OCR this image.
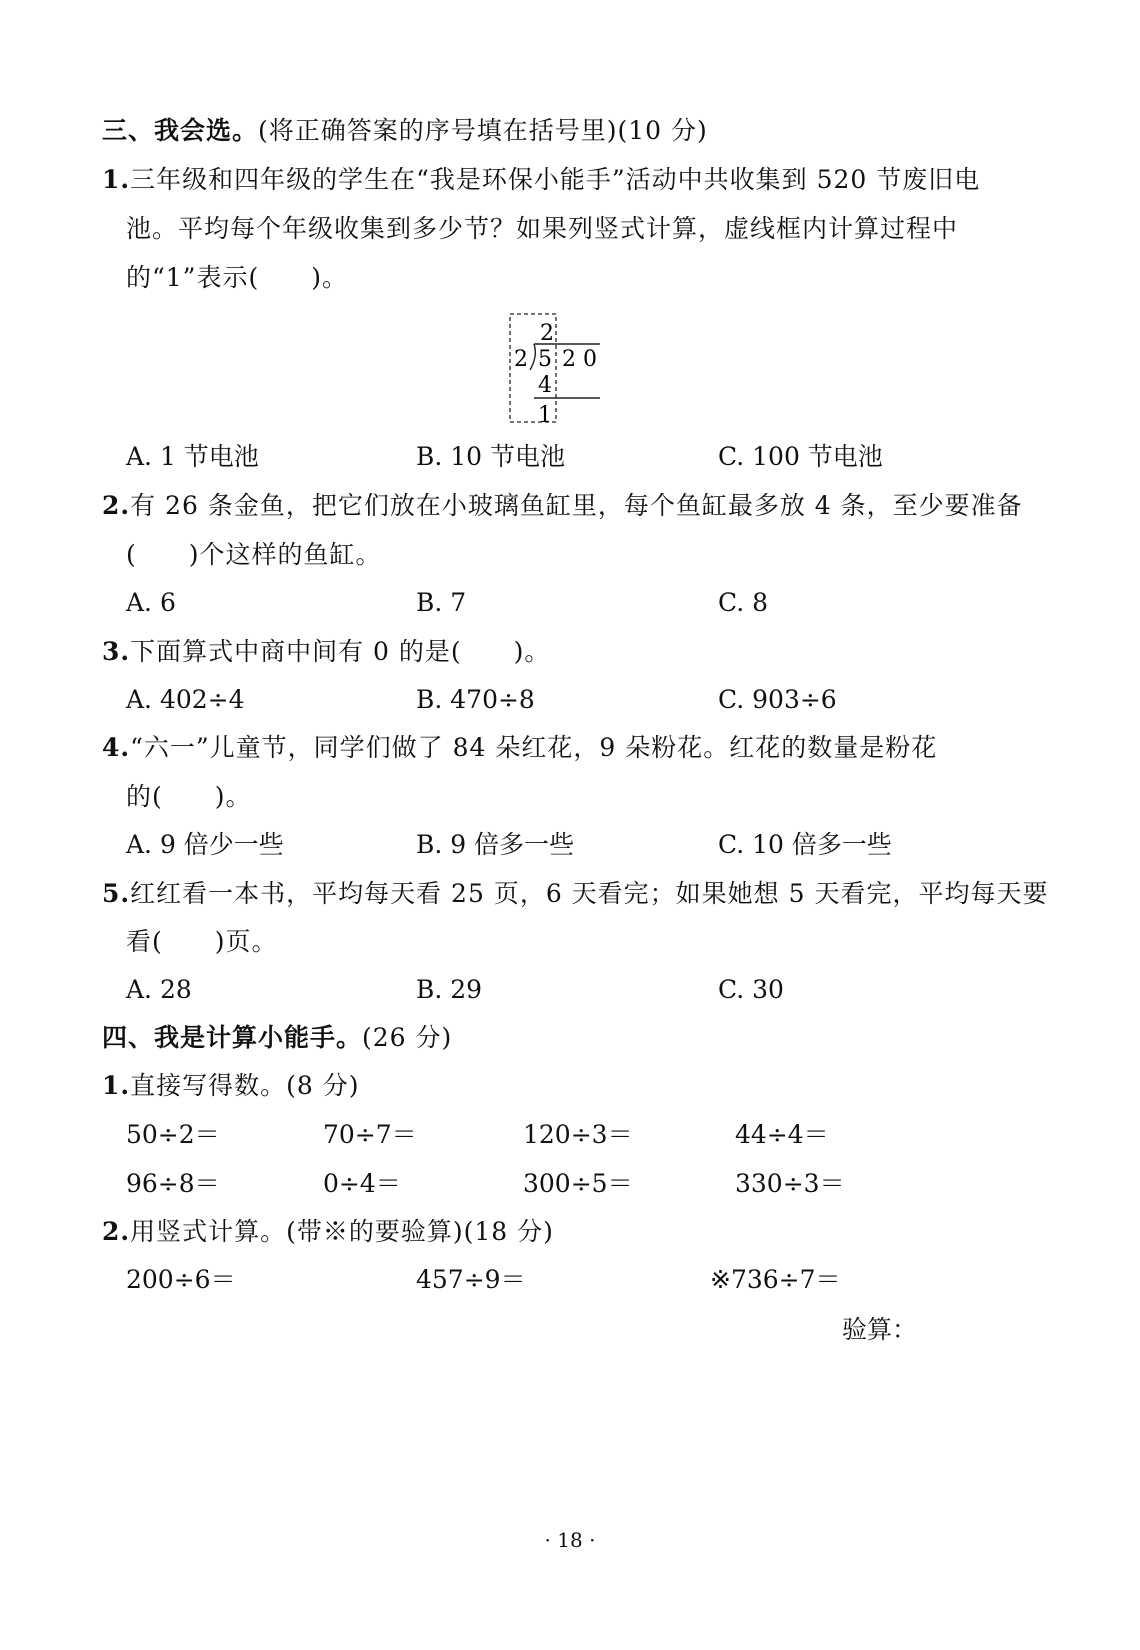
三、我会选。(将正确答案的序号填在括号里)(10 分)
1.三年级和四年级的学生在“我是环保小能手”活动中共收集到 520 节废旧电
池。平均每个年级收集到多少节？如果列竖式计算，虚线框内计算过程中
的“1”表示(　　)。
2
2 5 2 0
4
1
A. 1 节电池	B. 10 节电池	C. 100 节电池
2.有 26 条金鱼，把它们放在小玻璃鱼缸里，每个鱼缸最多放 4 条，至少要准备
(　　)个这样的鱼缸。
A. 6	B. 7	C. 8
3.下面算式中商中间有 0 的是(　　)。
A. 402÷4	B. 470÷8	C. 903÷6
4.“六一”儿童节，同学们做了 84 朵红花，9 朵粉花。红花的数量是粉花
的(　　)。
A. 9 倍少一些	B. 9 倍多一些	C. 10 倍多一些
5.红红看一本书，平均每天看 25 页，6 天看完；如果她想 5 天看完，平均每天要
看(　　)页。
A. 28	B. 29	C. 30
四、我是计算小能手。(26 分)
1.直接写得数。(8 分)
50÷2＝	70÷7＝	120÷3＝	44÷4＝
96÷8＝	0÷4＝	300÷5＝	330÷3＝
2.用竖式计算。(带※的要验算)(18 分)
200÷6＝	457÷9＝	※736÷7＝
验算：
· 18 ·
